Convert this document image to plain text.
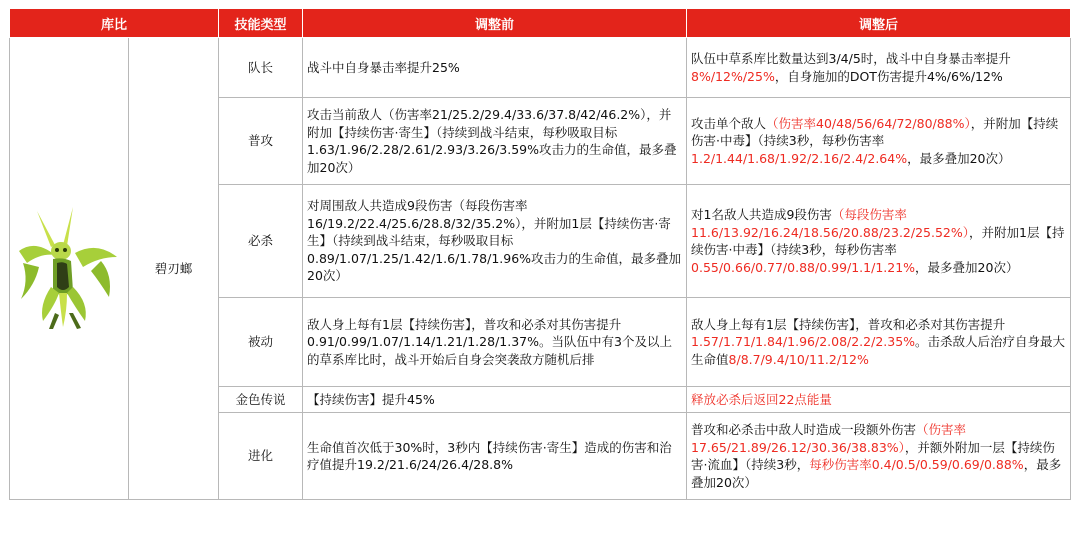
库比		技能类型	调整前	调整后
	碧刃螂	队长	战斗中自身暴击率提升25%	队伍中草系库比数量达到3/4/5时，战斗中自身暴击率提升8%/12%/25%，自身施加的DOT伤害提升4%/6%/12%
		普攻	攻击当前敌人（伤害率21/25.2/29.4/33.6/37.8/42/46.2%），并附加【持续伤害·寄生】（持续到战斗结束，每秒吸取目标1.63/1.96/2.28/2.61/2.93/3.26/3.59%攻击力的生命值，最多叠加20次）	攻击单个敌人（伤害率40/48/56/64/72/80/88%），并附加【持续伤害·中毒】（持续3秒，每秒伤害率1.2/1.44/1.68/1.92/2.16/2.4/2.64%，最多叠加20次）
		必杀	对周围敌人共造成9段伤害（每段伤害率16/19.2/22.4/25.6/28.8/32/35.2%），并附加1层【持续伤害·寄生】（持续到战斗结束，每秒吸取目标0.89/1.07/1.25/1.42/1.6/1.78/1.96%攻击力的生命值，最多叠加20次）	对1名敌人共造成9段伤害（每段伤害率11.6/13.92/16.24/18.56/20.88/23.2/25.52%），并附加1层【持续伤害·中毒】（持续3秒，每秒伤害率0.55/0.66/0.77/0.88/0.99/1.1/1.21%，最多叠加20次）
		被动	敌人身上每有1层【持续伤害】，普攻和必杀对其伤害提升0.91/0.99/1.07/1.14/1.21/1.28/1.37%。当队伍中有3个及以上的草系库比时，战斗开始后自身会突袭敌方随机后排	敌人身上每有1层【持续伤害】，普攻和必杀对其伤害提升1.57/1.71/1.84/1.96/2.08/2.2/2.35%。击杀敌人后治疗自身最大生命值8/8.7/9.4/10/11.2/12%
		金色传说	【持续伤害】提升45%	释放必杀后返回22点能量
		进化	生命值首次低于30%时，3秒内【持续伤害·寄生】造成的伤害和治疗值提升19.2/21.6/24/26.4/28.8%	普攻和必杀击中敌人时造成一段额外伤害（伤害率17.65/21.89/26.12/30.36/38.83%），并额外附加一层【持续伤害·流血】（持续3秒，每秒伤害率0.4/0.5/0.59/0.69/0.88%，最多叠加20次）
